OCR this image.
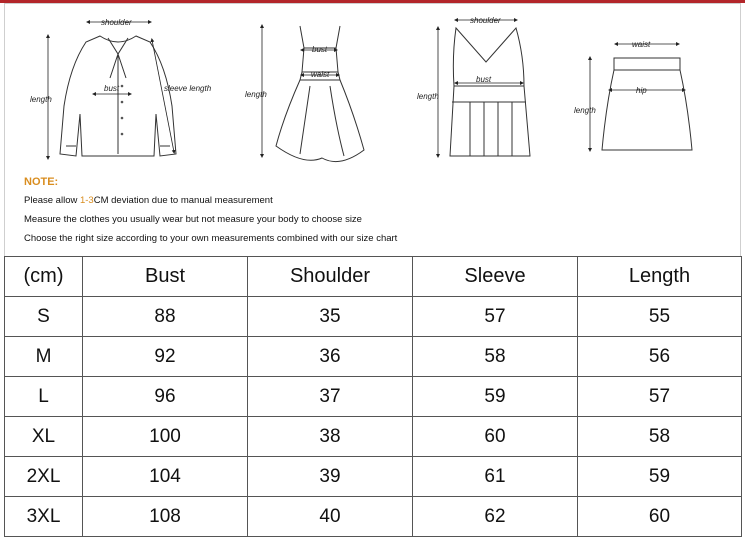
shoulder
bust	sleeve length
length
bust
waist
length
shoulder
bust
length
waist
hip
length
NOTE:
Please allow 1-3CM deviation due to manual measurement
Measure the clothes you usually wear but not measure your body to choose size
Choose the right size according to your own measurements combined with our size chart
(cm)	Bust	Shoulder	Sleeve	Length
S	88	35	57	55
M	92	36	58	56
L	96	37	59	57
XL	100	38	60	58
2XL	104	39	61	59
3XL	108	40	62	60
